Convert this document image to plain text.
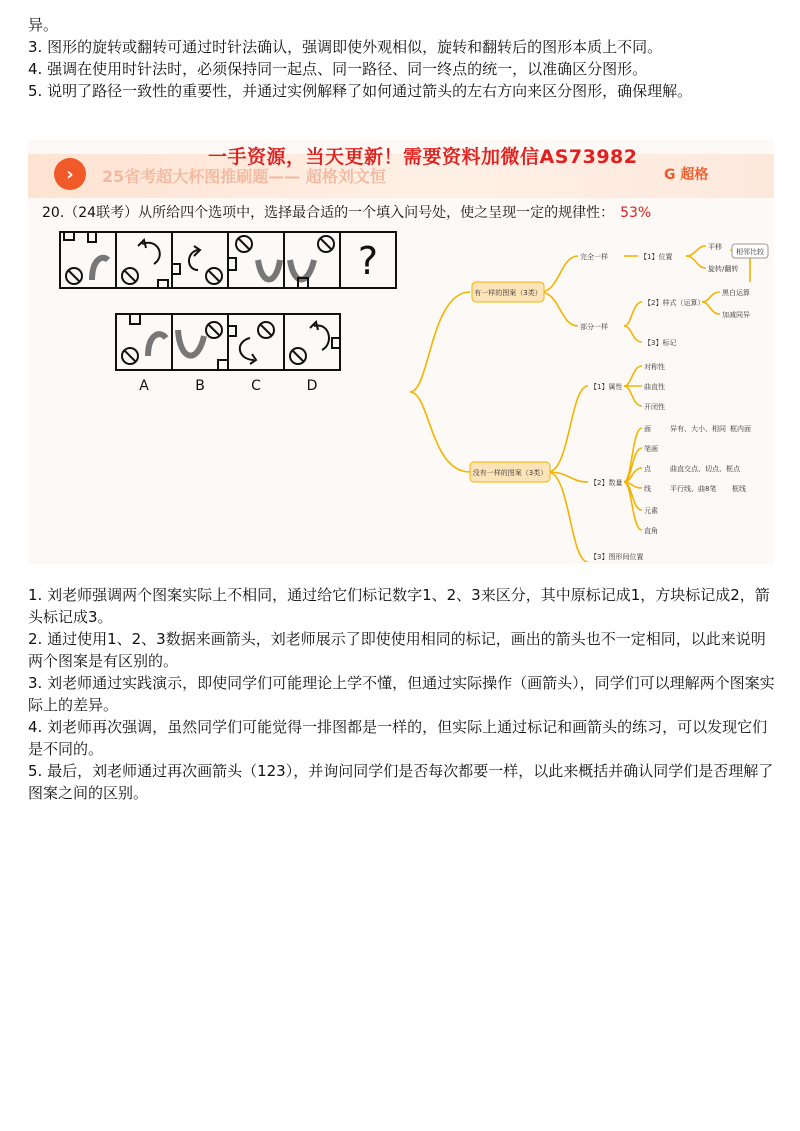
异。

3. 图形的旋转或翻转可通过时针法确认，强调即使外观相似，旋转和翻转后的图形本质上不同。

4. 强调在使用时针法时，必须保持同一起点、同一路径、同一终点的统一，以准确区分图形。

5. 说明了路径一致性的重要性，并通过实例解释了如何通过箭头的左右方向来区分图形，确保理解。

一手资源，当天更新！需要资料加微信AS73982
›	25省考超大杯图推刷题—— 超格刘文恒	G 超格
20.（24联考）从所给四个选项中，选择最合适的一个填入问号处，使之呈现一定的规律性： 53%
?
A	B	C	D
有一样的图案（3类）
没有一样的图案（3类）
完全一样	【1】位置
平移
旋转/翻转
相邻比较
部分一样
【2】样式（运算）
黑白运算
加减同异
【3】标记
【1】属性
对称性
曲直性
开闭性
【2】数量
面	异有、大小、相同 框内面
笔画
点	曲直交点、切点、框点
线	平行线、曲8笔 框线
元素
直角
【3】图形间位置

1. 刘老师强调两个图案实际上不相同，通过给它们标记数字1、2、3来区分，其中原标记成1，方块标记成2，箭头标记成3。

2. 通过使用1、2、3数据来画箭头，刘老师展示了即使使用相同的标记，画出的箭头也不一定相同，以此来说明两个图案是有区别的。

3. 刘老师通过实践演示，即使同学们可能理论上学不懂，但通过实际操作（画箭头），同学们可以理解两个图案实际上的差异。

4. 刘老师再次强调，虽然同学们可能觉得一排图都是一样的，但实际上通过标记和画箭头的练习，可以发现它们是不同的。

5. 最后，刘老师通过再次画箭头（123），并询问同学们是否每次都要一样，以此来概括并确认同学们是否理解了图案之间的区别。
